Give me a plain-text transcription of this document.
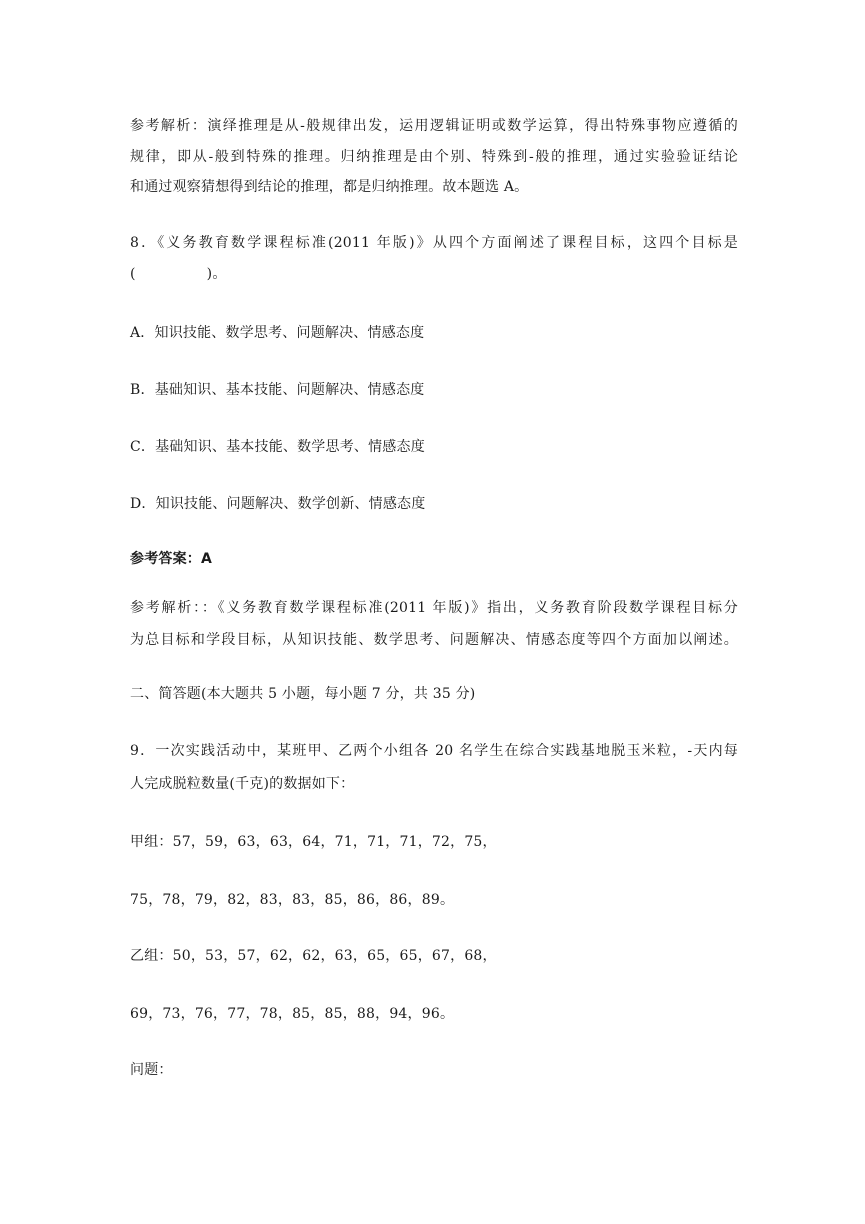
参考解析：演绎推理是从-般规律出发，运用逻辑证明或数学运算，得出特殊事物应遵循的
规律，即从-般到特殊的推理。归纳推理是由个别、特殊到-般的推理，通过实验验证结论
和通过观察猜想得到结论的推理，都是归纳推理。故本题选 A。
8．《义务教育数学课程标准(2011 年版)》从四个方面阐述了课程目标，这四个目标是
(　　　　　)。
A．知识技能、数学思考、问题解决、情感态度
B．基础知识、基本技能、问题解决、情感态度
C．基础知识、基本技能、数学思考、情感态度
D．知识技能、问题解决、数学创新、情感态度
参考答案：A
参考解析：：《义务教育数学课程标准(2011 年版)》指出，义务教育阶段数学课程目标分
为总目标和学段目标，从知识技能、数学思考、问题解决、情感态度等四个方面加以阐述。
二、简答题(本大题共 5 小题，每小题 7 分，共 35 分)
9．一次实践活动中，某班甲、乙两个小组各 20 名学生在综合实践基地脱玉米粒，-天内每
人完成脱粒数量(千克)的数据如下：
甲组：57，59，63，63，64，71，71，71，72，75，
75，78，79，82，83，83，85，86，86，89。
乙组：50，53，57，62，62，63，65，65，67，68，
69，73，76，77，78，85，85，88，94，96。
问题：
